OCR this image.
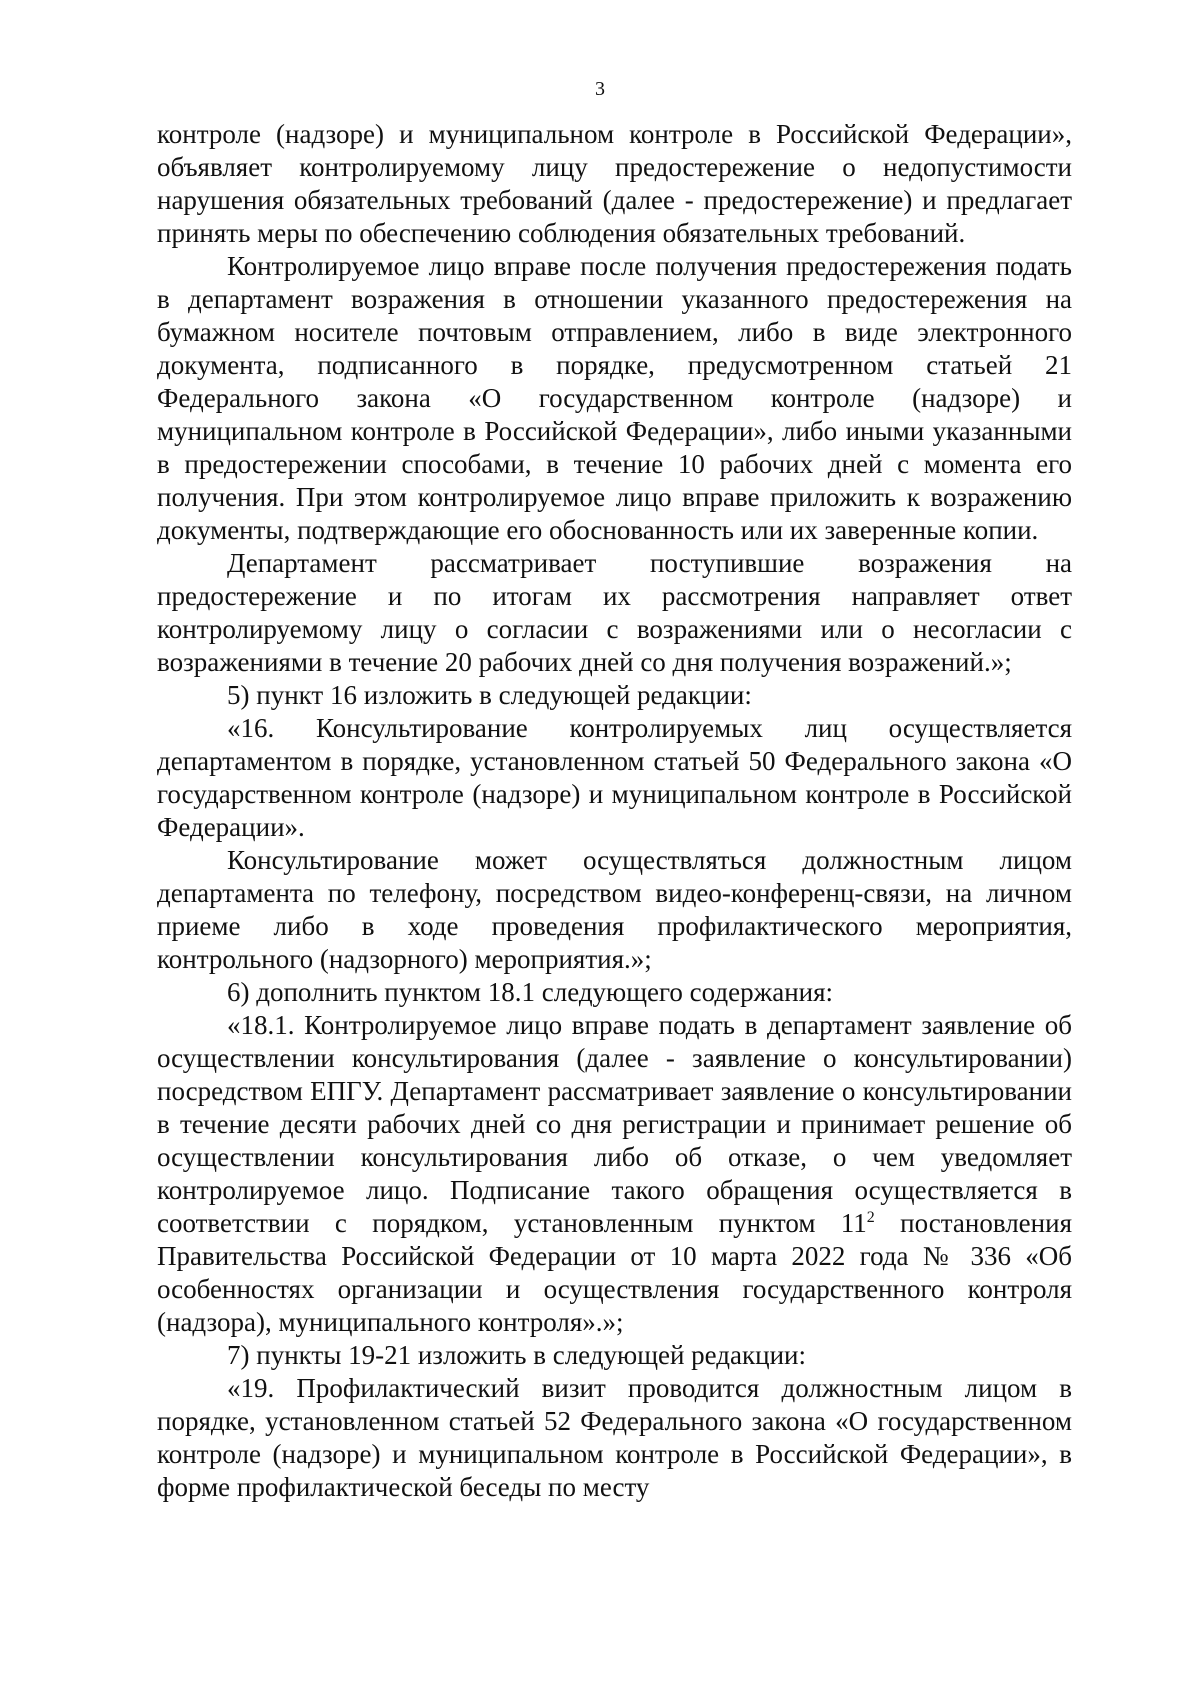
3

контроле (надзоре) и муниципальном контроле в Российской Федерации», объявляет контролируемому лицу предостережение о недопустимости нарушения обязательных требований (далее - предостережение) и предлагает принять меры по обеспечению соблюдения обязательных требований.

Контролируемое лицо вправе после получения предостережения подать в департамент возражения в отношении указанного предостережения на бумажном носителе почтовым отправлением, либо в виде электронного документа, подписанного в порядке, предусмотренном статьей 21 Федерального закона «О государственном контроле (надзоре) и муниципальном контроле в Российской Федерации», либо иными указанными в предостережении способами, в течение 10 рабочих дней с момента его получения. При этом контролируемое лицо вправе приложить к возражению документы, подтверждающие его обоснованность или их заверенные копии.

Департамент рассматривает поступившие возражения на предостережение и по итогам их рассмотрения направляет ответ контролируемому лицу о согласии с возражениями или о несогласии с возражениями в течение 20 рабочих дней со дня получения возражений.»;

5) пункт 16 изложить в следующей редакции:

«16. Консультирование контролируемых лиц осуществляется департаментом в порядке, установленном статьей 50 Федерального закона «О государственном контроле (надзоре) и муниципальном контроле в Российской Федерации».

Консультирование может осуществляться должностным лицом департамента по телефону, посредством видео-конференц-связи, на личном приеме либо в ходе проведения профилактического мероприятия, контрольного (надзорного) мероприятия.»;

6) дополнить пунктом 18.1 следующего содержания:

«18.1. Контролируемое лицо вправе подать в департамент заявление об осуществлении консультирования (далее - заявление о консультировании) посредством ЕПГУ. Департамент рассматривает заявление о консультировании в течение десяти рабочих дней со дня регистрации и принимает решение об осуществлении консультирования либо об отказе, о чем уведомляет контролируемое лицо. Подписание такого обращения осуществляется в соответствии с порядком, установленным пунктом $11^2$ постановления Правительства Российской Федерации от 10 марта 2022 года № 336 «Об особенностях организации и осуществления государственного контроля (надзора), муниципального контроля».»;

7) пункты 19-21 изложить в следующей редакции:

«19. Профилактический визит проводится должностным лицом в порядке, установленном статьей 52 Федерального закона «О государственном контроле (надзоре) и муниципальном контроле в Российской Федерации», в форме профилактической беседы по месту
